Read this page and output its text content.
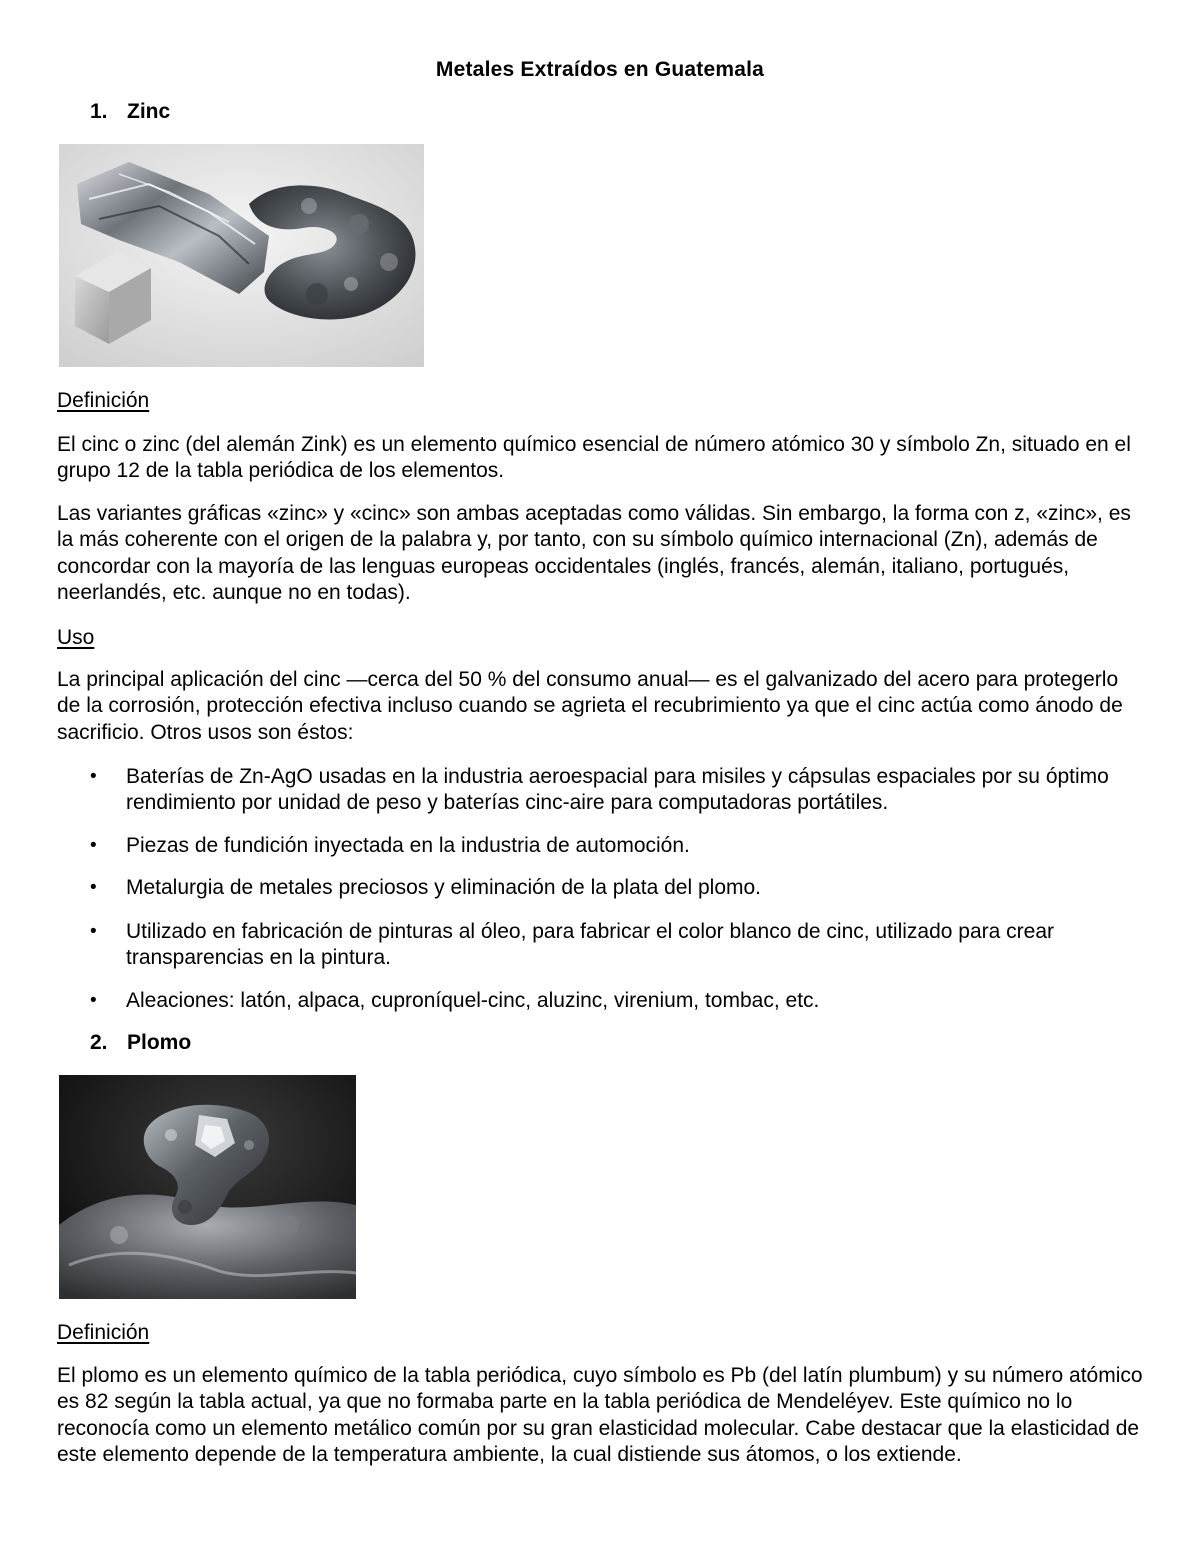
Metales Extraídos en Guatemala
1. Zinc
Definición
El cinc o zinc (del alemán Zink) es un elemento químico esencial de número atómico 30 y símbolo Zn, situado en el grupo 12 de la tabla periódica de los elementos.
Las variantes gráficas «zinc» y «cinc» son ambas aceptadas como válidas. Sin embargo, la forma con z, «zinc», es la más coherente con el origen de la palabra y, por tanto, con su símbolo químico internacional (Zn), además de concordar con la mayoría de las lenguas europeas occidentales (inglés, francés, alemán, italiano, portugués, neerlandés, etc. aunque no en todas).
Uso
La principal aplicación del cinc —cerca del 50 % del consumo anual— es el galvanizado del acero para protegerlo de la corrosión, protección efectiva incluso cuando se agrieta el recubrimiento ya que el cinc actúa como ánodo de sacrificio. Otros usos son éstos:
• Baterías de Zn-AgO usadas en la industria aeroespacial para misiles y cápsulas espaciales por su óptimo rendimiento por unidad de peso y baterías cinc-aire para computadoras portátiles.
• Piezas de fundición inyectada en la industria de automoción.
• Metalurgia de metales preciosos y eliminación de la plata del plomo.
• Utilizado en fabricación de pinturas al óleo, para fabricar el color blanco de cinc, utilizado para crear transparencias en la pintura.
• Aleaciones: latón, alpaca, cuproníquel-cinc, aluzinc, virenium, tombac, etc.
2. Plomo
Definición
El plomo es un elemento químico de la tabla periódica, cuyo símbolo es Pb (del latín plumbum) y su número atómico es 82 según la tabla actual, ya que no formaba parte en la tabla periódica de Mendeléyev. Este químico no lo reconocía como un elemento metálico común por su gran elasticidad molecular. Cabe destacar que la elasticidad de este elemento depende de la temperatura ambiente, la cual distiende sus átomos, o los extiende.
